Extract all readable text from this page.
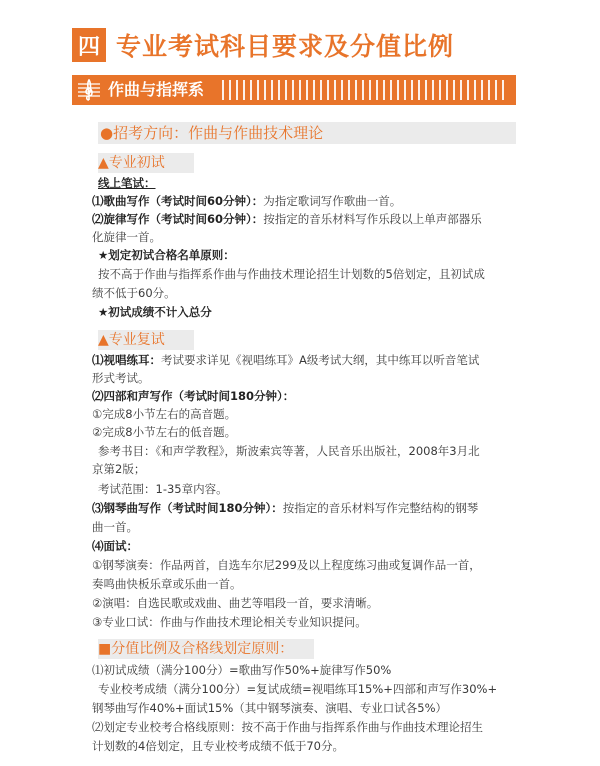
四 专业考试科目要求及分值比例
作曲与指挥系
●招考方向：作曲与作曲技术理论
▲专业初试
线上笔试：
⑴歌曲写作（考试时间60分钟）：为指定歌词写作歌曲一首。
⑵旋律写作（考试时间60分钟）：按指定的音乐材料写作乐段以上单声部器乐
化旋律一首。
★划定初试合格名单原则：
按不高于作曲与指挥系作曲与作曲技术理论招生计划数的5倍划定，且初试成
绩不低于60分。
★初试成绩不计入总分
▲专业复试
⑴视唱练耳：考试要求详见《视唱练耳》A级考试大纲，其中练耳以听音笔试
形式考试。
⑵四部和声写作（考试时间180分钟）：
①完成8小节左右的高音题。
②完成8小节左右的低音题。
参考书目：《和声学教程》，斯波索宾等著，人民音乐出版社，2008年3月北
京第2版；
考试范围：1-35章内容。
⑶钢琴曲写作（考试时间180分钟）：按指定的音乐材料写作完整结构的钢琴
曲一首。
⑷面试：
①钢琴演奏：作品两首，自选车尔尼299及以上程度练习曲或复调作品一首，
奏鸣曲快板乐章或乐曲一首。
②演唱：自选民歌或戏曲、曲艺等唱段一首，要求清晰。
③专业口试：作曲与作曲技术理论相关专业知识提问。
■分值比例及合格线划定原则：
⑴初试成绩（满分100分）=歌曲写作50%+旋律写作50%
专业校考成绩（满分100分）=复试成绩=视唱练耳15%+四部和声写作30%+
钢琴曲写作40%+面试15%（其中钢琴演奏、演唱、专业口试各5%）
⑵划定专业校考合格线原则：按不高于作曲与指挥系作曲与作曲技术理论招生
计划数的4倍划定，且专业校考成绩不低于70分。
